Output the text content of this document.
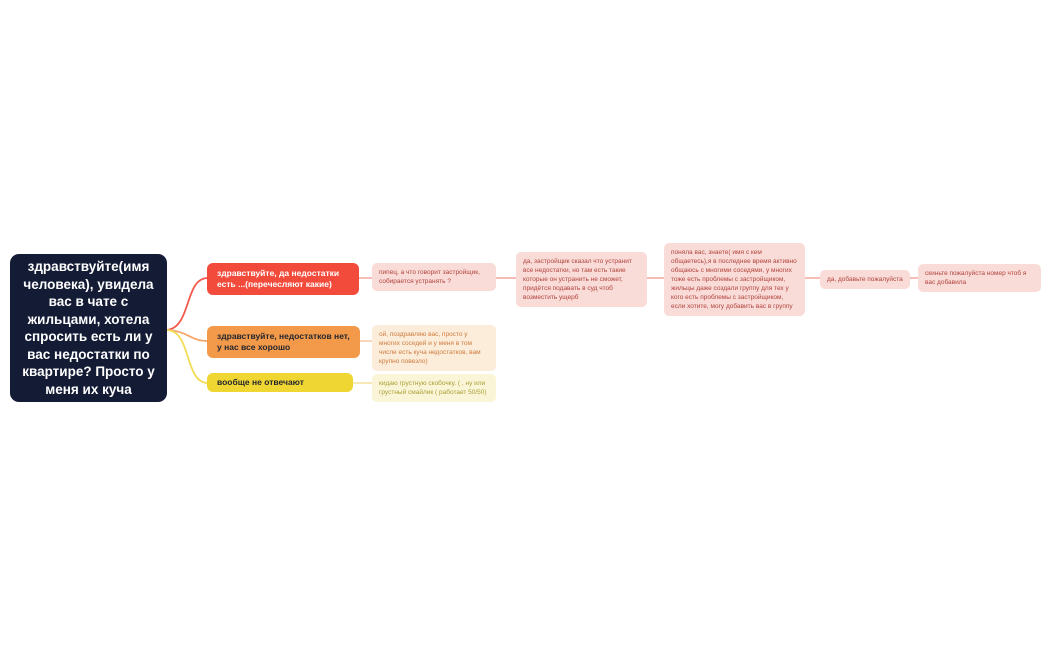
здравствуйте(имя человека), увидела вас в чате с жильцами, хотела спросить есть ли у вас недостатки по квартире? Просто у меня их куча
здравствуйте, да недостатки есть ...(перечесляют какие)
пипец, а что говорит застройщик, собирается устранять ?
да, застройщик сказал что устранит все недостатки, но там есть такие которые он устранить не сможет, придётся подавать в суд чтоб возместить ущерб
поняла вас, знаете( имя с кем общаетесь),я в последнее время активно общаюсь с многими соседями, у многих тоже есть проблемы с застройщиком, жильцы даже создали группу для тех у кого есть проблемы с застройщиком, если хотите, могу добавить вас в группу
да, добавьте пожалуйста
скиньте пожалуйста номер чтоб я вас добавила
здравствуйте, недостатков нет, у нас все хорошо
ой, поздравляю вас, просто у многих соседей и у меня в том числе есть куча недостатков, вам крупно повезло)
вообще не отвечают	кидаю грустную скобочку. ( , ну или грустный смайлик ( работает 50/50)
